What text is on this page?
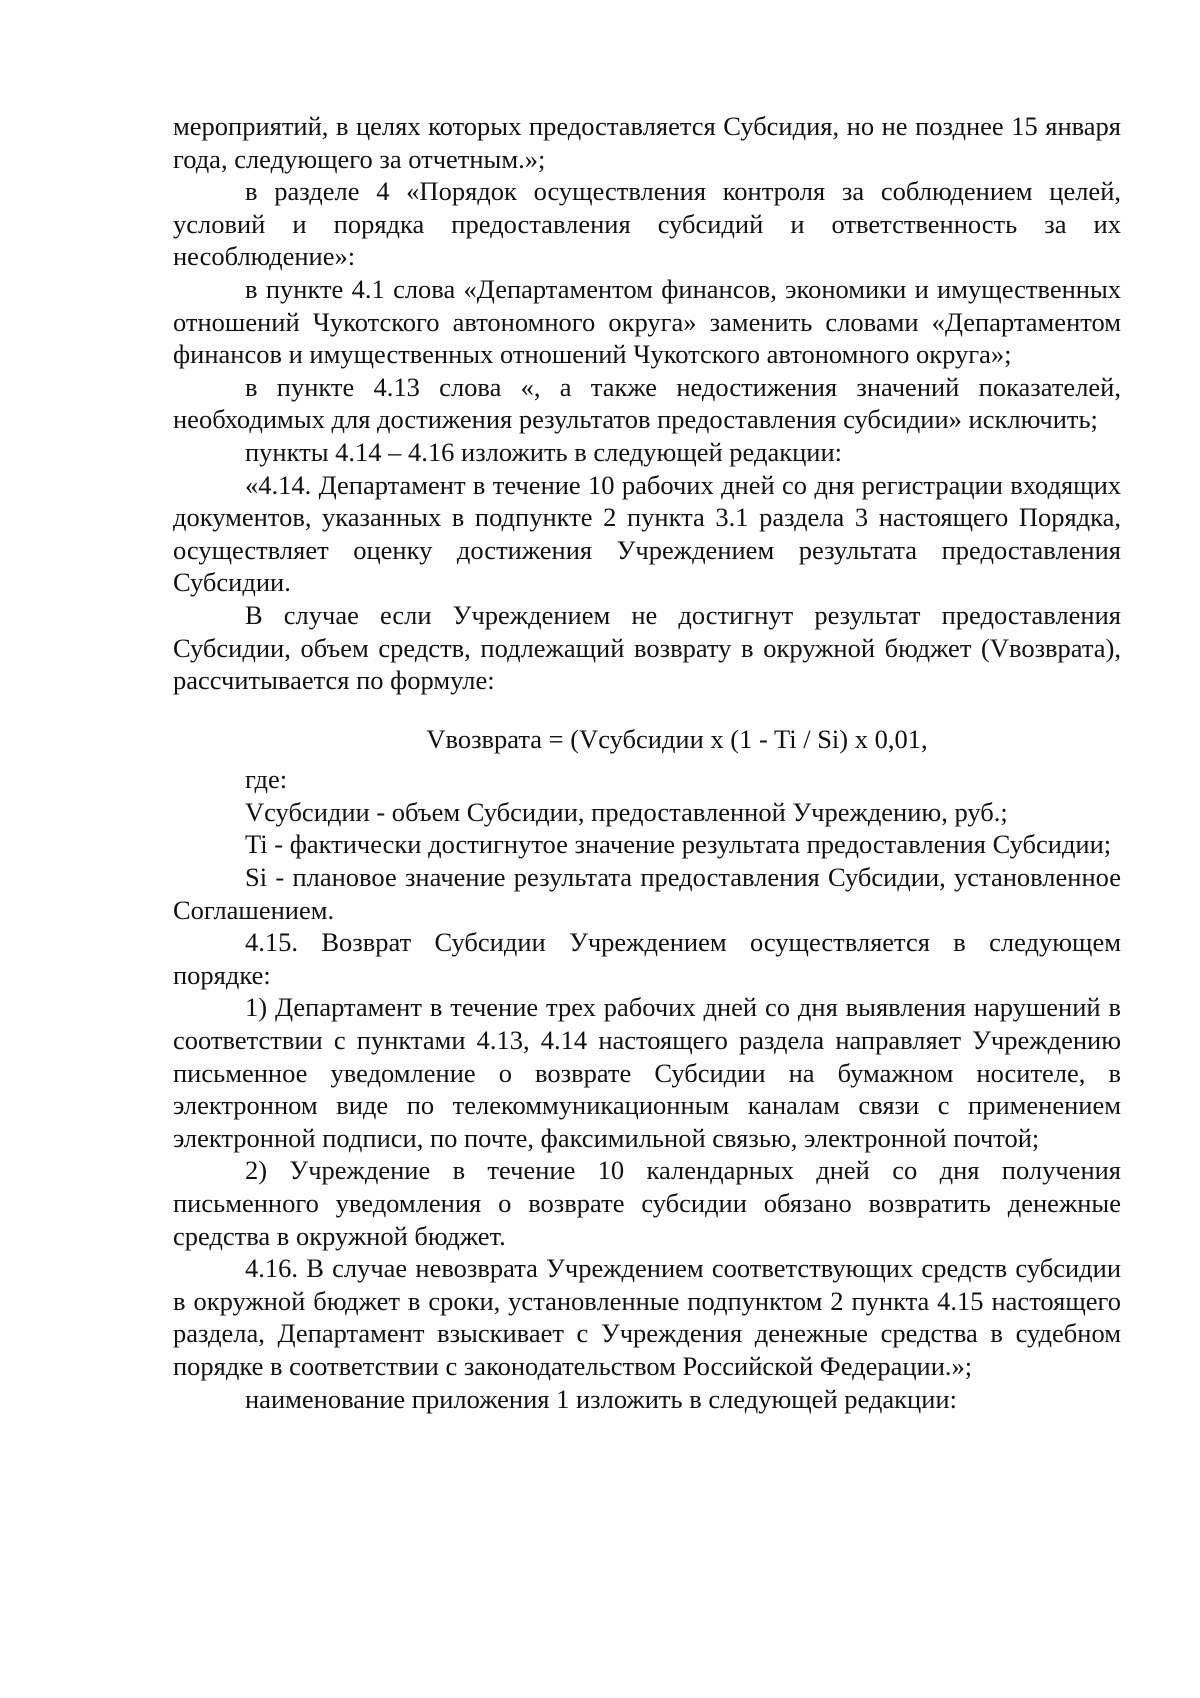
мероприятий, в целях которых предоставляется Субсидия, но не позднее 15 января года, следующего за отчетным.»;

в разделе 4 «Порядок осуществления контроля за соблюдением целей, условий и порядка предоставления субсидий и ответственность за их несоблюдение»:

в пункте 4.1 слова «Департаментом финансов, экономики и имущественных отношений Чукотского автономного округа» заменить словами «Департаментом финансов и имущественных отношений Чукотского автономного округа»;

в пункте 4.13 слова «, а также недостижения значений показателей, необходимых для достижения результатов предоставления субсидии» исключить;

пункты 4.14 – 4.16 изложить в следующей редакции:

«4.14. Департамент в течение 10 рабочих дней со дня регистрации входящих документов, указанных в подпункте 2 пункта 3.1 раздела 3 настоящего Порядка, осуществляет оценку достижения Учреждением результата предоставления Субсидии.

В случае если Учреждением не достигнут результат предоставления Субсидии, объем средств, подлежащий возврату в окружной бюджет (Vвозврата), рассчитывается по формуле:

Vвозврата = (Vсубсидии x (1 - Ti / Si) x 0,01,

где:

Vсубсидии - объем Субсидии, предоставленной Учреждению, руб.;

Ti - фактически достигнутое значение результата предоставления Субсидии;

Si - плановое значение результата предоставления Субсидии, установленное Соглашением.

4.15. Возврат Субсидии Учреждением осуществляется в следующем порядке:

1) Департамент в течение трех рабочих дней со дня выявления нарушений в соответствии с пунктами 4.13, 4.14 настоящего раздела направляет Учреждению письменное уведомление о возврате Субсидии на бумажном носителе, в электронном виде по телекоммуникационным каналам связи с применением электронной подписи, по почте, факсимильной связью, электронной почтой;

2) Учреждение в течение 10 календарных дней со дня получения письменного уведомления о возврате субсидии обязано возвратить денежные средства в окружной бюджет.

4.16. В случае невозврата Учреждением соответствующих средств субсидии в окружной бюджет в сроки, установленные подпунктом 2 пункта 4.15 настоящего раздела, Департамент взыскивает с Учреждения денежные средства в судебном порядке в соответствии с законодательством Российской Федерации.»;

наименование приложения 1 изложить в следующей редакции:
